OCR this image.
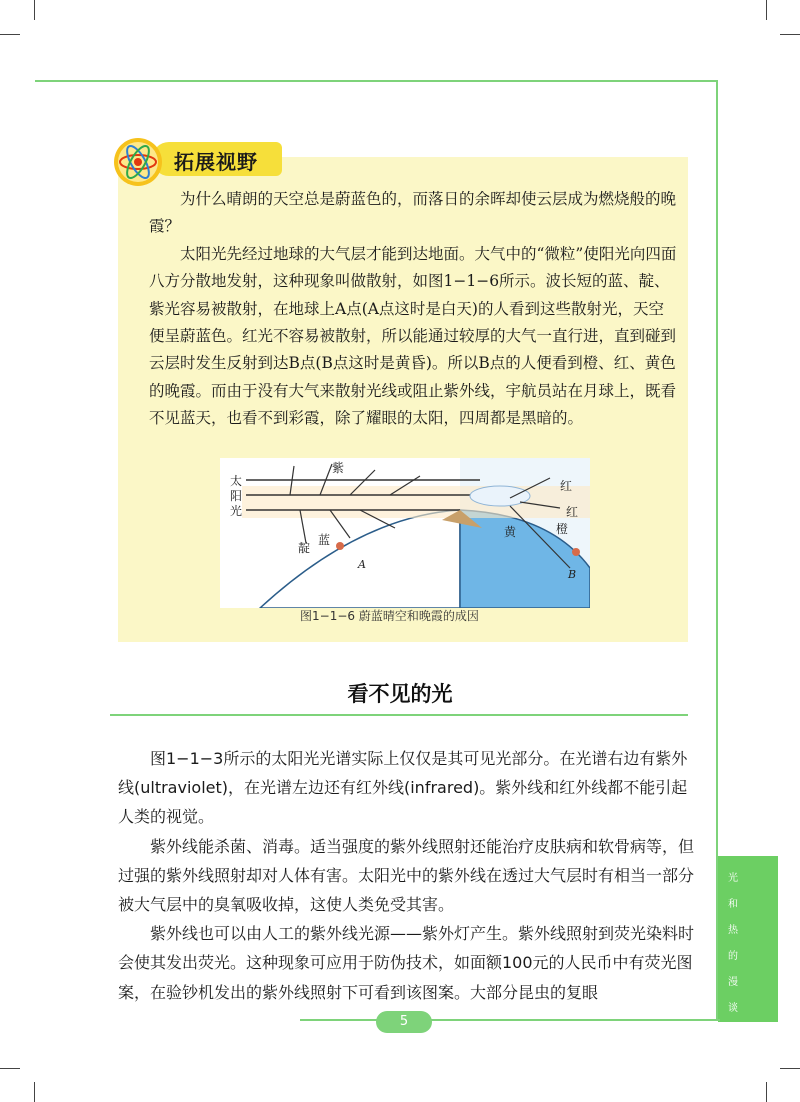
拓展视野

为什么晴朗的天空总是蔚蓝色的，而落日的余晖却使云层成为燃烧般的晚霞？

太阳光先经过地球的大气层才能到达地面。大气中的“微粒”使阳光向四面八方分散地发射，这种现象叫做散射，如图1−1−6所示。波长短的蓝、靛、紫光容易被散射，在地球上A点(A点这时是白天)的人看到这些散射光，天空便呈蔚蓝色。红光不容易被散射，所以能通过较厚的大气一直行进，直到碰到云层时发生反射到达B点(B点这时是黄昏)。所以B点的人便看到橙、红、黄色的晚霞。而由于没有大气来散射光线或阻止紫外线，宇航员站在月球上，既看不见蓝天，也看不到彩霞，除了耀眼的太阳，四周都是黑暗的。

太
阳
光
紫
红
红
橙
黄
靛
蓝
A
B
图1−1−6 蔚蓝晴空和晚霞的成因
看不见的光

图1−1−3所示的太阳光光谱实际上仅仅是其可见光部分。在光谱右边有紫外线(ultraviolet)，在光谱左边还有红外线(infrared)。紫外线和红外线都不能引起人类的视觉。

紫外线能杀菌、消毒。适当强度的紫外线照射还能治疗皮肤病和软骨病等，但过强的紫外线照射却对人体有害。太阳光中的紫外线在透过大气层时有相当一部分被大气层中的臭氧吸收掉，这使人类免受其害。

紫外线也可以由人工的紫外线光源——紫外灯产生。紫外线照射到荧光染料时会使其发出荧光。这种现象可应用于防伪技术，如面额100元的人民币中有荧光图案，在验钞机发出的紫外线照射下可看到该图案。大部分昆虫的复眼

光
和
热
的
漫
谈
5
